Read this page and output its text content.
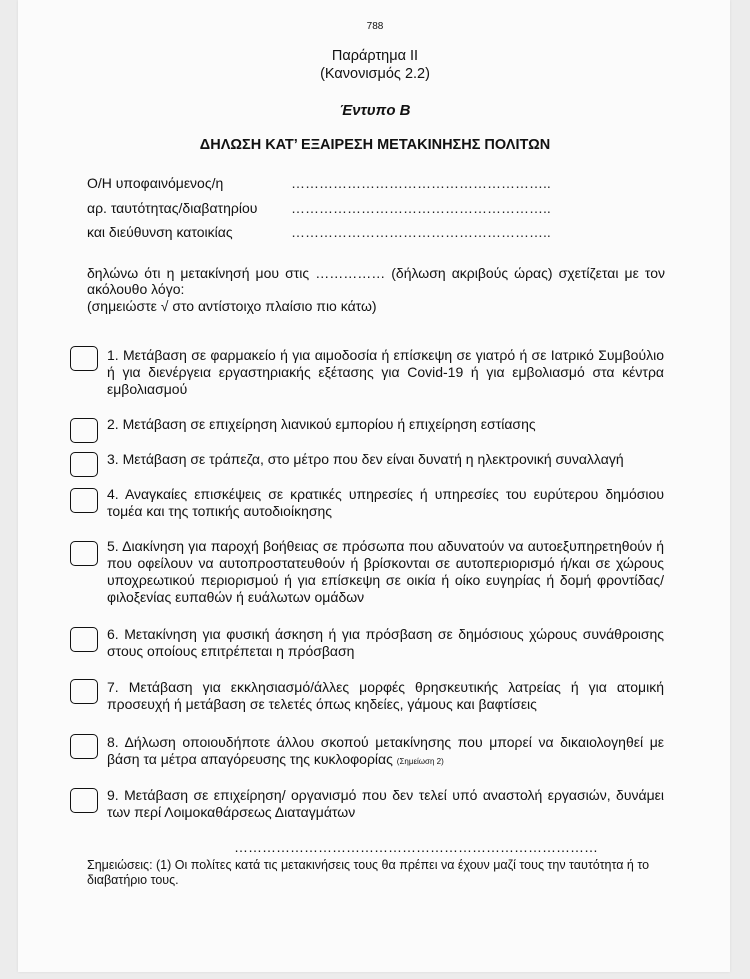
788
Παράρτημα ΙΙ
(Κανονισμός 2.2)
Έντυπο Β
ΔΗΛΩΣΗ ΚΑΤ’ ΕΞΑΙΡΕΣΗ ΜΕΤΑΚΙΝΗΣΗΣ ΠΟΛΙΤΩΝ
Ο/Η υποφαινόμενος/η	………………………………………………..
αρ. ταυτότητας/διαβατηρίου ………………………………………………..
και διεύθυνση κατοικίας	………………………………………………..
δηλώνω ότι η μετακίνησή μου στις …………… (δήλωση ακριβούς ώρας) σχετίζεται με τον ακόλουθο λόγο:
(σημειώστε √ στο αντίστοιχο πλαίσιο πιο κάτω)
1. Μετάβαση σε φαρμακείο ή για αιμοδοσία ή επίσκεψη σε γιατρό ή σε Ιατρικό Συμβούλιο ή για διενέργεια εργαστηριακής εξέτασης για Covid-19 ή για εμβολιασμό στα κέντρα εμβολιασμού
2. Μετάβαση σε επιχείρηση λιανικού εμπορίου ή επιχείρηση εστίασης
3. Μετάβαση σε τράπεζα, στο μέτρο που δεν είναι δυνατή η ηλεκτρονική συναλλαγή
4. Αναγκαίες επισκέψεις σε κρατικές υπηρεσίες ή υπηρεσίες του ευρύτερου δημόσιου τομέα και της τοπικής αυτοδιοίκησης
5. Διακίνηση για παροχή βοήθειας σε πρόσωπα που αδυνατούν να αυτοεξυπηρετηθούν ή που οφείλουν να αυτοπροστατευθούν ή βρίσκονται σε αυτοπεριορισμό ή/και σε χώρους υποχρεωτικού περιορισμού ή για επίσκεψη σε οικία ή οίκο ευγηρίας ή δομή φροντίδας/φιλοξενίας ευπαθών ή ευάλωτων ομάδων
6. Μετακίνηση για φυσική άσκηση ή για πρόσβαση σε δημόσιους χώρους συνάθροισης στους οποίους επιτρέπεται η πρόσβαση
7. Μετάβαση για εκκλησιασμό/άλλες μορφές θρησκευτικής λατρείας ή για ατομική προσευχή ή μετάβαση σε τελετές όπως κηδείες, γάμους και βαφτίσεις
8. Δήλωση οποιουδήποτε άλλου σκοπού μετακίνησης που μπορεί να δικαιολογηθεί με βάση τα μέτρα απαγόρευσης της κυκλοφορίας (Σημείωση 2)
9. Μετάβαση σε επιχείρηση/ οργανισμό που δεν τελεί υπό αναστολή εργασιών, δυνάμει των περί Λοιμοκαθάρσεως Διαταγμάτων
……………………………………………………………………
Σημειώσεις: (1) Οι πολίτες κατά τις μετακινήσεις τους θα πρέπει να έχουν μαζί τους την ταυτότητα ή το διαβατήριο τους.
